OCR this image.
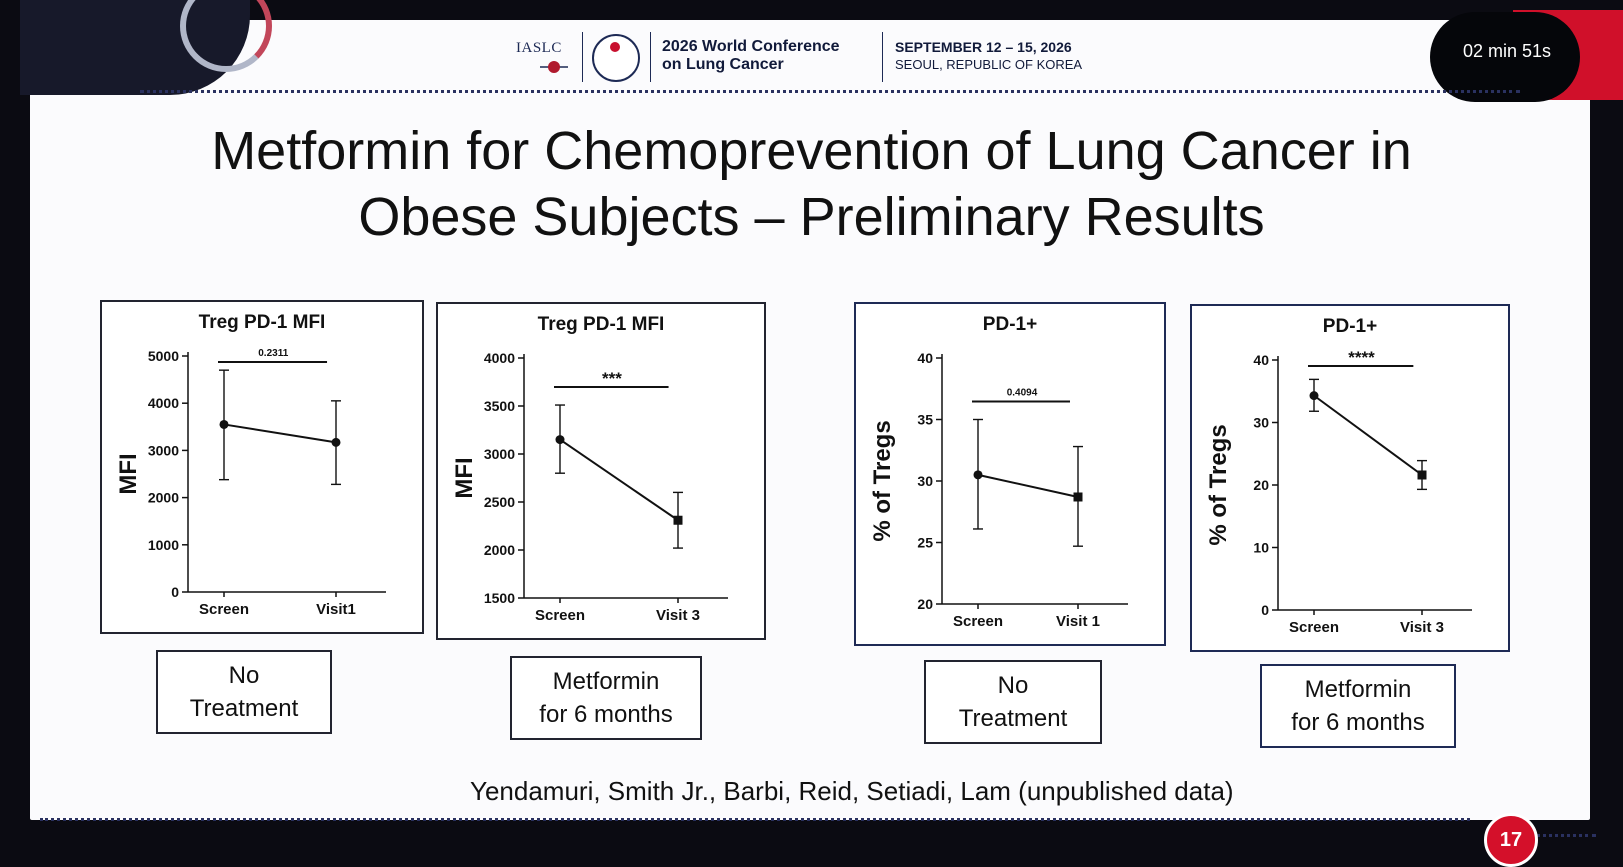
IASLC	2026 World Conference
on Lung Cancer
SEPTEMBER 12 – 15, 2026
SEOUL, REPUBLIC OF KOREA
02 min 51s
Metformin for Chemoprevention of Lung Cancer in
Obese Subjects – Preliminary Results
Treg PD-1 MFI
MFI
0
1000
2000
3000
4000
5000
Screen	Visit1
0.2311
Treg PD-1 MFI
MFI
1500
2000
2500
3000
3500
4000
Screen	Visit 3
***
PD-1+
% of Tregs
20
25
30
35
40
Screen	Visit 1
0.4094
PD-1+
% of Tregs
0
10
20
30
40
Screen	Visit 3
****
No
Treatment
Metformin
for 6 months
No
Treatment
Metformin
for 6 months
Yendamuri, Smith Jr., Barbi, Reid, Setiadi, Lam (unpublished data)
17
